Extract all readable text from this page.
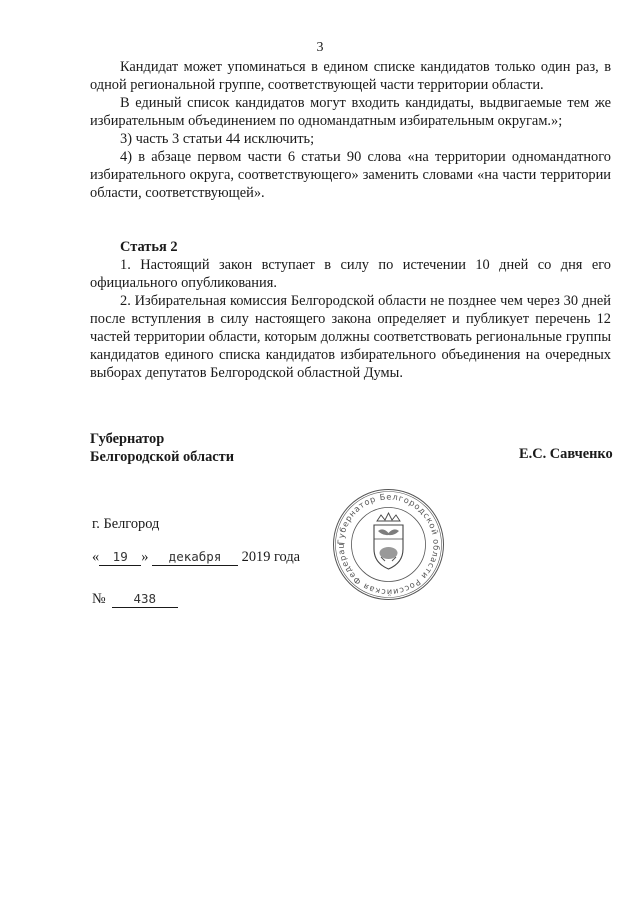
3

Кандидат может упоминаться в едином списке кандидатов только один раз, в одной региональной группе, соответствующей части территории области.

В единый список кандидатов могут входить кандидаты, выдвигаемые тем же избирательным объединением по одномандатным избирательным округам.»;

3) часть 3 статьи 44 исключить;

4) в абзаце первом части 6 статьи 90 слова «на территории одномандатного избирательного округа, соответствующего» заменить словами «на части территории области, соответствующей».

Статья 2

1. Настоящий закон вступает в силу по истечении 10 дней со дня его официального опубликования.

2. Избирательная комиссия Белгородской области не позднее чем через 30 дней после вступления в силу настоящего закона определяет и публикует перечень 12 частей территории области, которым должны соответствовать региональные группы кандидатов единого списка кандидатов избирательного объединения на очередных выборах депутатов Белгородской областной Думы.

Губернатор
Белгородской области	Е.С. Савченко
г. Белгород
« 19 » декабря 2019 года
№ 438
Губернатор Белгородской области Российская Федерац
